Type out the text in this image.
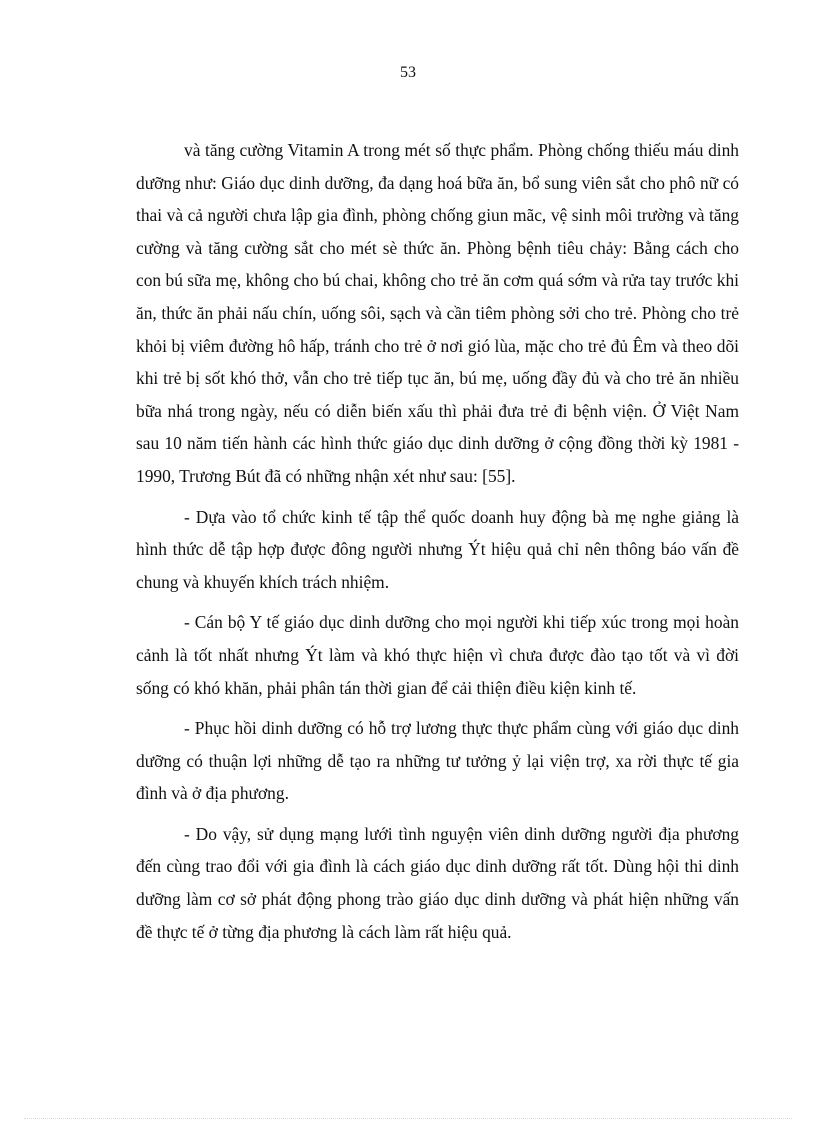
53

và tăng cường Vitamin A trong mét số thực phẩm. Phòng chống thiếu máu dinh dưỡng như: Giáo dục dinh dưỡng, đa dạng hoá bữa ăn, bổ sung viên sắt cho phô nữ có thai và cả người chưa lập gia đình, phòng chống giun mãc, vệ sinh môi trường và tăng cường và tăng cường sắt cho mét sè thức ăn. Phòng bệnh tiêu chảy: Bằng cách cho con bú sữa mẹ, không cho bú chai, không cho trẻ ăn cơm quá sớm và rửa tay trước khi ăn, thức ăn phải nấu chín, uống sôi, sạch và cần tiêm phòng sởi cho trẻ. Phòng cho trẻ khỏi bị viêm đường hô hấp, tránh cho trẻ ở nơi gió lùa, mặc cho trẻ đủ Êm và theo dõi khi trẻ bị sốt khó thở, vẫn cho trẻ tiếp tục ăn, bú mẹ, uống đầy đủ và cho trẻ ăn nhiều bữa nhá trong ngày, nếu có diễn biến xấu thì phải đưa trẻ đi bệnh viện. Ở Việt Nam sau 10 năm tiến hành các hình thức giáo dục dinh dưỡng ở cộng đồng thời kỳ 1981 - 1990, Trương Bút đã có những nhận xét như sau: [55].

- Dựa vào tổ chức kinh tế tập thể quốc doanh huy động bà mẹ nghe giảng là hình thức dễ tập hợp được đông người nhưng Ýt hiệu quả chỉ nên thông báo vấn đề chung và khuyến khích trách nhiệm.

- Cán bộ Y tế giáo dục dinh dưỡng cho mọi người khi tiếp xúc trong mọi hoàn cảnh là tốt nhất nhưng Ýt làm và khó thực hiện vì chưa được đào tạo tốt và vì đời sống có khó khăn, phải phân tán thời gian để cải thiện điều kiện kinh tế.

- Phục hồi dinh dưỡng có hỗ trợ lương thực thực phẩm cùng với giáo dục dinh dưỡng có thuận lợi những dễ tạo ra những tư tưởng ỷ lại viện trợ, xa rời thực tế gia đình và ở địa phương.

- Do vậy, sử dụng mạng lưới tình nguyện viên dinh dưỡng người địa phương đến cùng trao đổi với gia đình là cách giáo dục dinh dưỡng rất tốt. Dùng hội thi dinh dưỡng làm cơ sở phát động phong trào giáo dục dinh dưỡng và phát hiện những vấn đề thực tế ở từng địa phương là cách làm rất hiệu quả.
